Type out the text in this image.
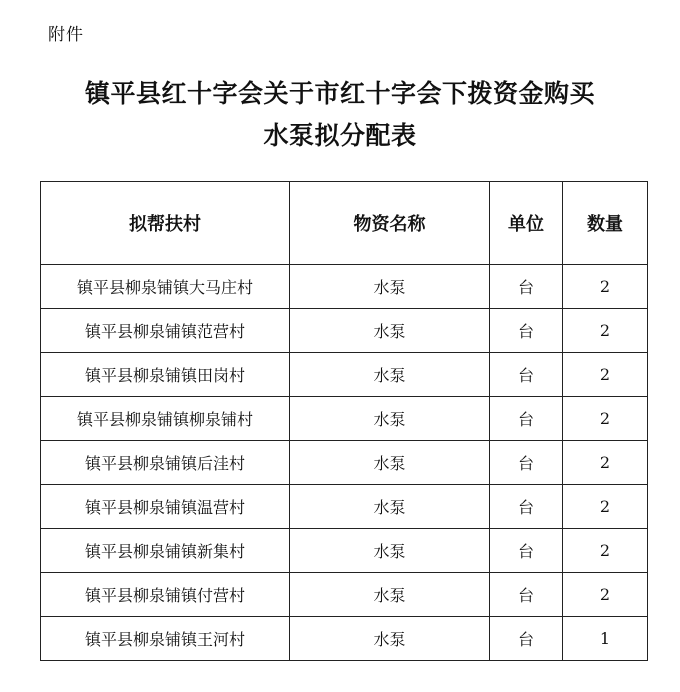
附件
镇平县红十字会关于市红十字会下拨资金购买
水泵拟分配表
拟帮扶村	物资名称	单位	数量
镇平县柳泉铺镇大马庄村	水泵	台	2
镇平县柳泉铺镇范营村	水泵	台	2
镇平县柳泉铺镇田岗村	水泵	台	2
镇平县柳泉铺镇柳泉铺村	水泵	台	2
镇平县柳泉铺镇后洼村	水泵	台	2
镇平县柳泉铺镇温营村	水泵	台	2
镇平县柳泉铺镇新集村	水泵	台	2
镇平县柳泉铺镇付营村	水泵	台	2
镇平县柳泉铺镇王河村	水泵	台	1
